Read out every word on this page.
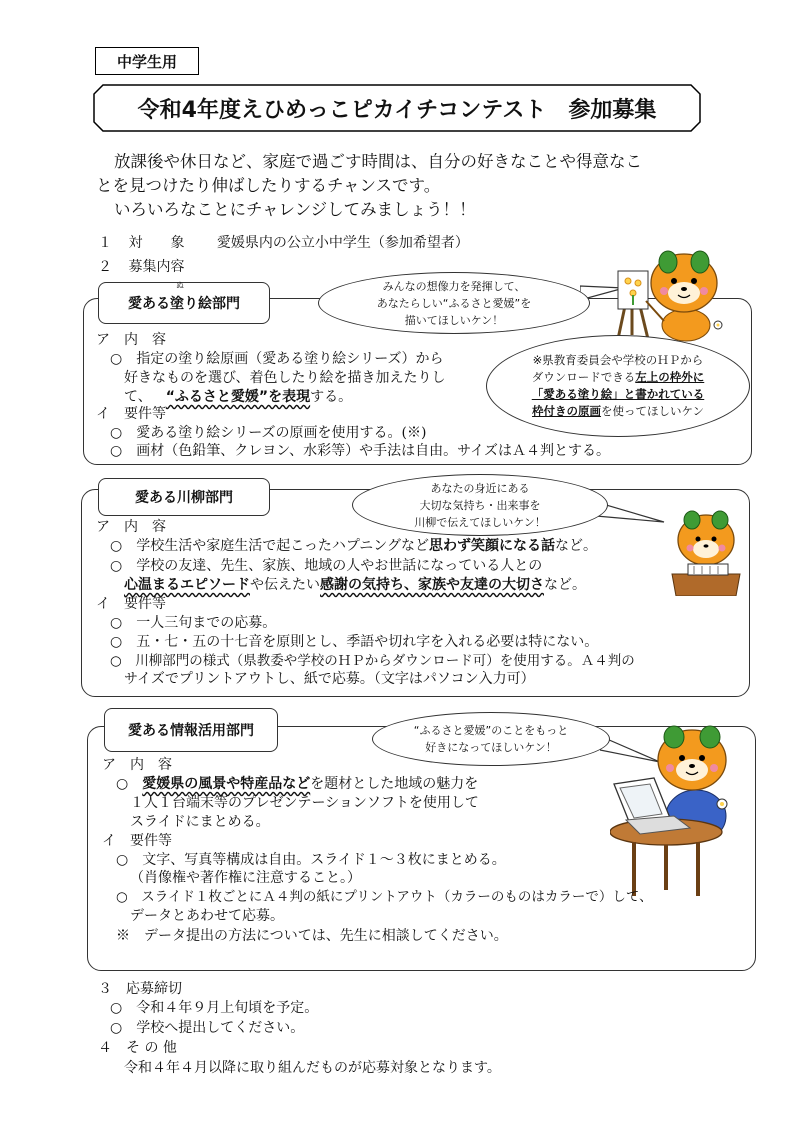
中学生用
令和4年度えひめっこピカイチコンテスト　参加募集
放課後や休日など、家庭で過ごす時間は、自分の好きなことや得意なこ
とを見つけたり伸ばしたりするチャンスです。
いろいろなことにチャレンジしてみましょう！！
１ 対　　象 愛媛県内の公立小中学生（参加希望者）
２ 募集内容
愛ある塗り絵部門
ぬ	みんなの想像力を発揮して、
あなたらしい“ふるさと愛媛”を
描いてほしいケン！
※県教育委員会や学校のＨＰから
ダウンロードできる左上の枠外に
「愛ある塗り絵」と書かれている
枠付きの原画を使ってほしいケン
ア　内　容
○　指定の塗り絵原画（愛ある塗り絵シリーズ）から
好きなものを選び、着色したり絵を描き加えたりし
て、 “ふるさと愛媛”を表現する。
イ　要件等
○　愛ある塗り絵シリーズの原画を使用する。(※)
○　画材（色鉛筆、クレヨン、水彩等）や手法は自由。サイズはＡ４判とする。
愛ある川柳部門
あなたの身近にある
大切な気持ち・出来事を
川柳で伝えてほしいケン！
ア　内　容
○　学校生活や家庭生活で起こったハプニングなど思わず笑顔になる話など。
○　学校の友達、先生、家族、地域の人やお世話になっている人との
心温まるエピソードや伝えたい感謝の気持ち、家族や友達の大切さなど。
イ　要件等
○　一人三句までの応募。
○　五・七・五の十七音を原則とし、季語や切れ字を入れる必要は特にない。
○　川柳部門の様式（県教委や学校のＨＰからダウンロード可）を使用する。Ａ４判の
サイズでプリントアウトし、紙で応募。（文字はパソコン入力可）
愛ある情報活用部門	“ふるさと愛媛”のことをもっと
好きになってほしいケン！
ア　内　容
○　愛媛県の風景や特産品などを題材とした地域の魅力を
１人１台端末等のプレゼンテーションソフトを使用して
スライドにまとめる。
イ　要件等
○　文字、写真等構成は自由。スライド１～３枚にまとめる。
（肖像権や著作権に注意すること。）
○　スライド１枚ごとにＡ４判の紙にプリントアウト（カラーのものはカラーで）して、
データとあわせて応募。
※　データ提出の方法については、先生に相談してください。
３　応募締切
○　令和４年９月上旬頃を予定。
○　学校へ提出してください。
４　そ の 他
令和４年４月以降に取り組んだものが応募対象となります。
